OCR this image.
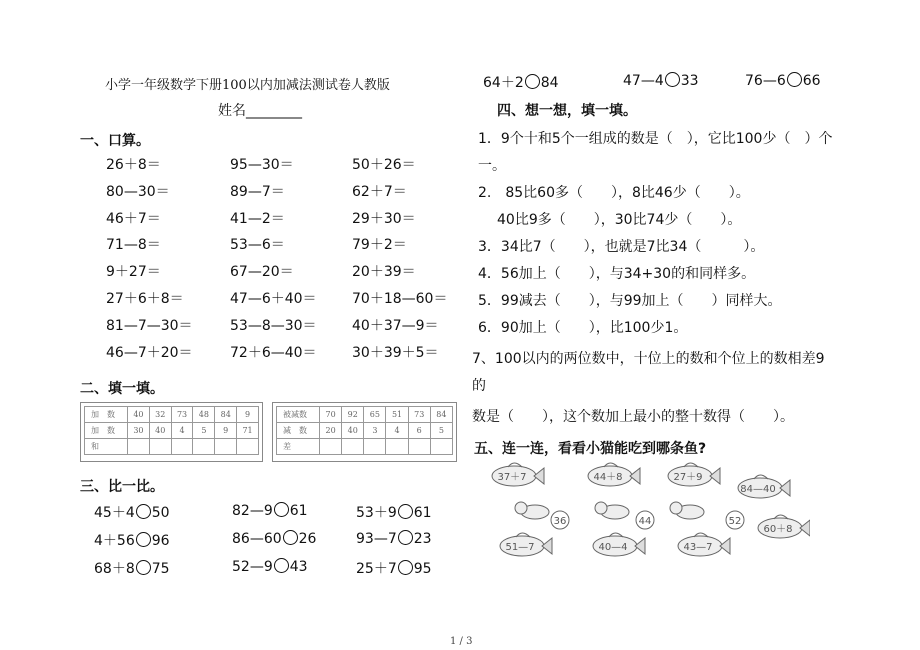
小学一年级数学下册100以内加减法测试卷人教版
姓名________
一、口算。
26＋8＝	95—30＝	50＋26＝
80—30＝	89—7＝	62＋7＝
46＋7＝	41—2＝	29＋30＝
71—8＝	53—6＝	79＋2＝
9＋27＝	67—20＝	20＋39＝
27＋6＋8＝	47—6＋40＝	70＋18—60＝
81—7—30＝	53—8—30＝	40＋37—9＝
46—7＋20＝	72＋6—40＝	30＋39＋5＝
二、填一填。
加　数	40	32	73	48	84	9
加　数	30	40	4	5	9	71
和						
被减数	70	92	65	51	73	84
减　数	20	40	3	4	6	5
差						
三、比一比。
45＋4 50	82—9 61	53＋9 61
4＋56 96	86—60 26	93—7 23
68＋8 75	52—9 43	25＋7 95
64＋2 84	47—4 33	76—6 66
四、想一想，填一填。
1．9个十和5个一组成的数是（　），它比100少（　）个
一。
2.　85比60多（　　），8比46少（　　）。
40比9多（　　），30比74少（　　）。
3．34比7（　　），也就是7比34（　　　）。
4．56加上（　　），与34+30的和同样多。
5．99减去（　　），与99加上（　　）同样大。
6．90加上（　　），比100少1。
7、100以内的两位数中，十位上的数和个位上的数相差9
的
数是（　　），这个数加上最小的整十数得（　　）。
五、连一连，看看小猫能吃到哪条鱼?
37＋7	44＋8	27＋9
84—40
36	44	52
51—7	40—4	43—7
60＋8
1 / 3
